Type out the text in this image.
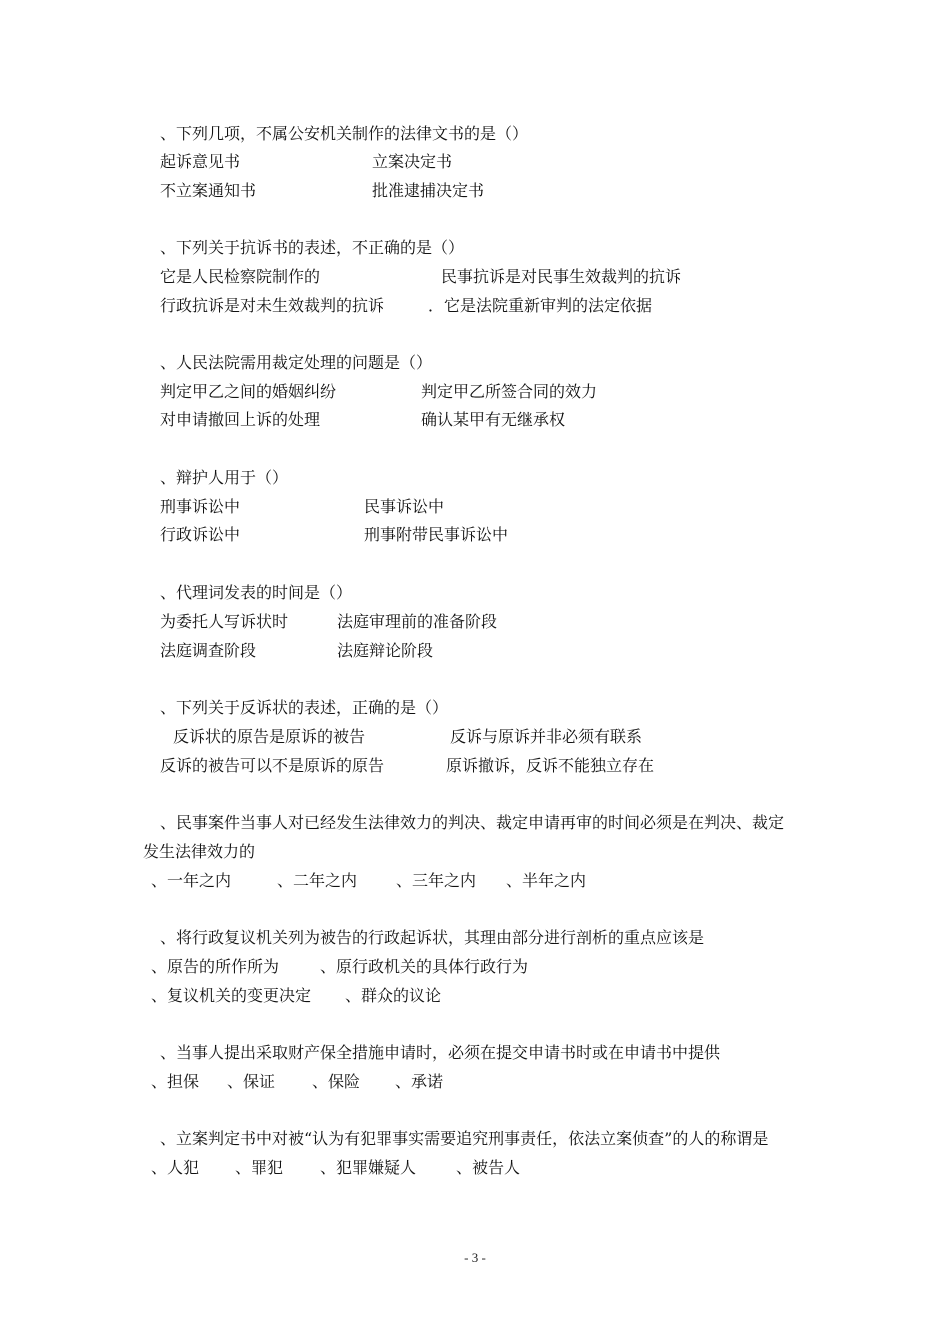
、下列几项，不属公安机关制作的法律文书的是（）
起诉意见书	立案决定书
不立案通知书	批准逮捕决定书
、下列关于抗诉书的表述，不正确的是（）
它是人民检察院制作的	民事抗诉是对民事生效裁判的抗诉
行政抗诉是对未生效裁判的抗诉	．它是法院重新审判的法定依据
、人民法院需用裁定处理的问题是（）
判定甲乙之间的婚姻纠纷	判定甲乙所签合同的效力
对申请撤回上诉的处理	确认某甲有无继承权
、辩护人用于（）
刑事诉讼中	民事诉讼中
行政诉讼中	刑事附带民事诉讼中
、代理词发表的时间是（）
为委托人写诉状时	法庭审理前的准备阶段
法庭调查阶段	法庭辩论阶段
、下列关于反诉状的表述，正确的是（）
反诉状的原告是原诉的被告	反诉与原诉并非必须有联系
反诉的被告可以不是原诉的原告	原诉撤诉，反诉不能独立存在
、民事案件当事人对已经发生法律效力的判决、裁定申请再审的时间必须是在判决、裁定
发生法律效力的
、一年之内	、二年之内 、三年之内 、半年之内
、将行政复议机关列为被告的行政起诉状，其理由部分进行剖析的重点应该是
、原告的所作所为	、原行政机关的具体行政行为
、复议机关的变更决定 、群众的议论
、当事人提出采取财产保全措施申请时，必须在提交申请书时或在申请书中提供
、担保 、保证 、保险 、承诺
、立案判定书中对被“认为有犯罪事实需要追究刑事责任，依法立案侦查”的人的称谓是
、人犯 、罪犯 、犯罪嫌疑人 、被告人
- 3 -
